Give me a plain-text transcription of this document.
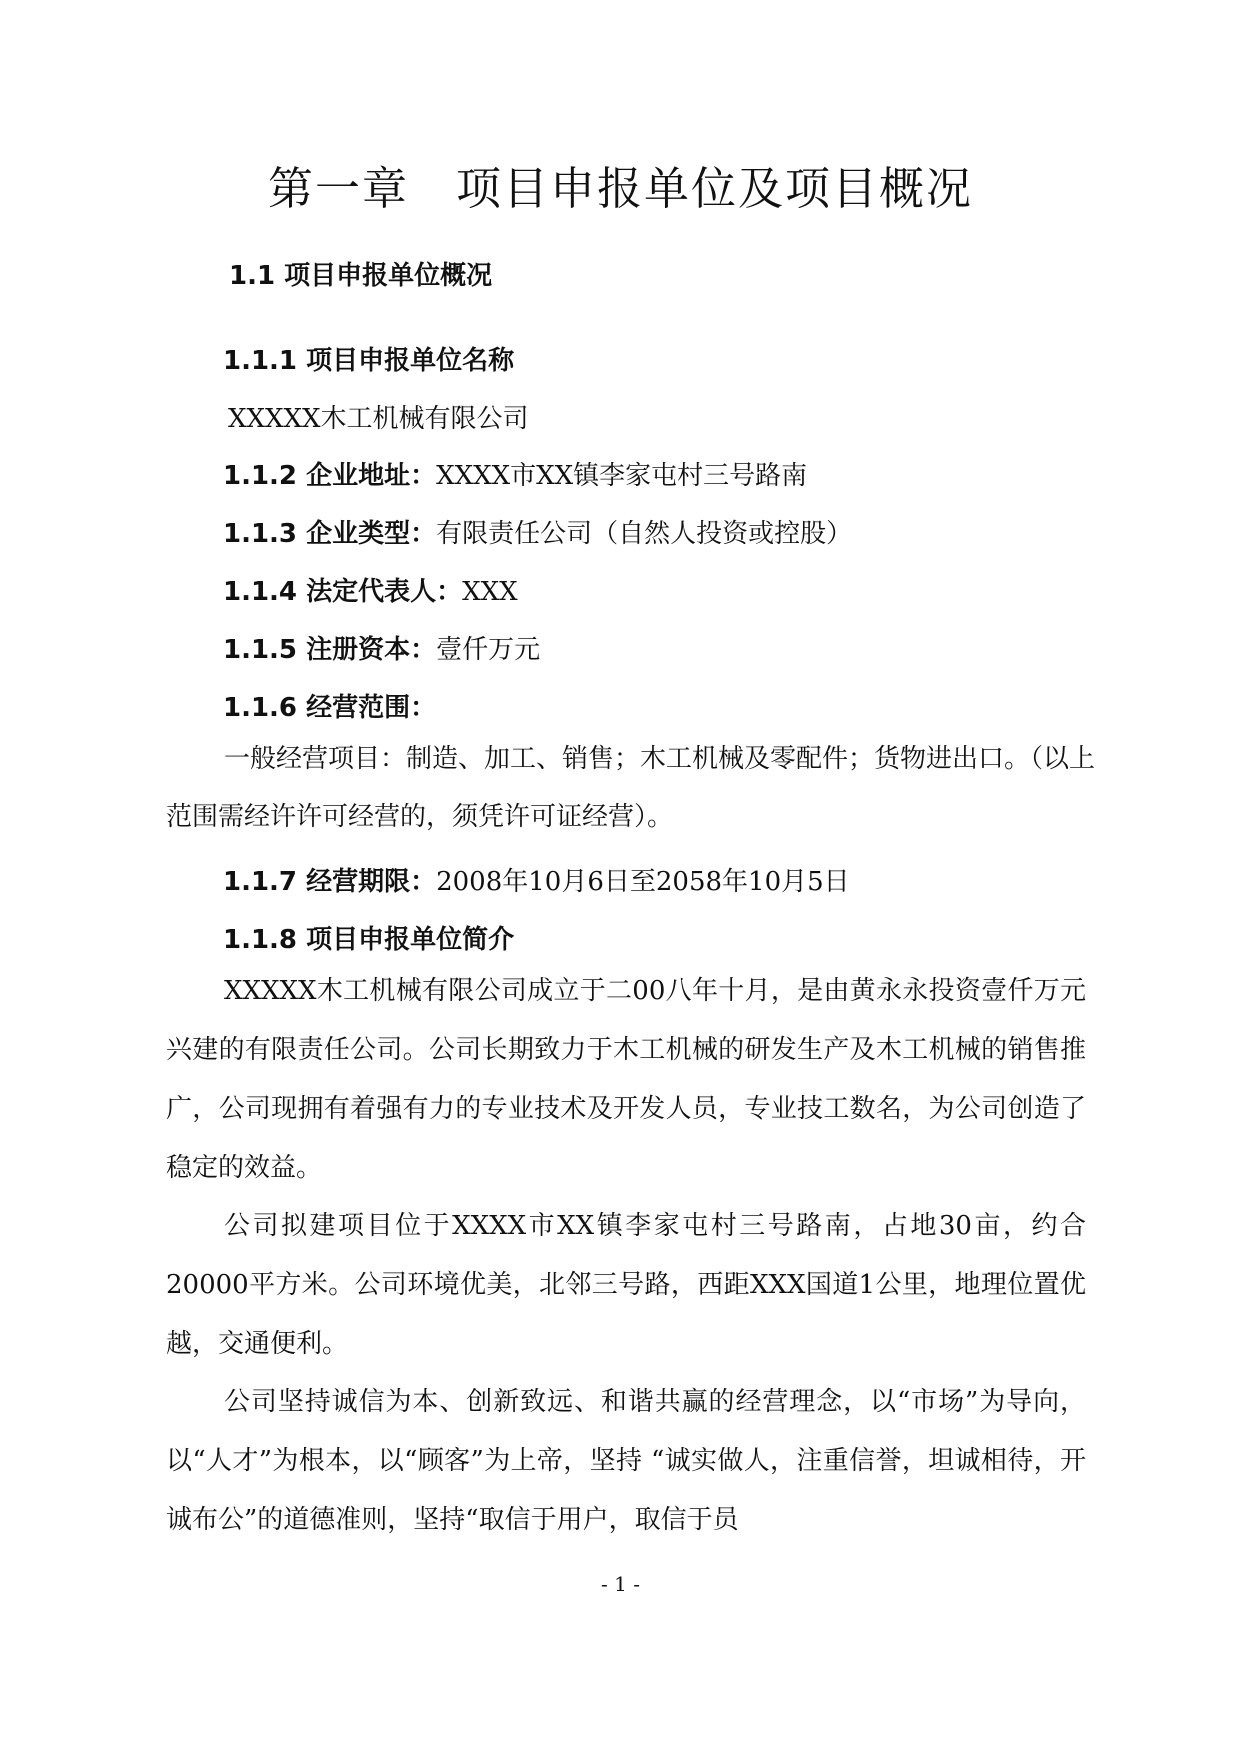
第一章　项目申报单位及项目概况
1.1 项目申报单位概况

1.1.1 项目申报单位名称

XXXXX木工机械有限公司

1.1.2 企业地址：XXXX市XX镇李家屯村三号路南

1.1.3 企业类型：有限责任公司（自然人投资或控股）

1.1.4 法定代表人：XXX

1.1.5 注册资本：壹仟万元

1.1.6 经营范围：

一般经营项目：制造、加工、销售；木工机械及零配件；货物进出口。（以上范围需经许许可经营的，须凭许可证经营）。

1.1.7 经营期限：2008年10月6日至2058年10月5日

1.1.8 项目申报单位简介

XXXXX木工机械有限公司成立于二00八年十月，是由黄永永投资壹仟万元兴建的有限责任公司。公司长期致力于木工机械的研发生产及木工机械的销售推广，公司现拥有着强有力的专业技术及开发人员，专业技工数名，为公司创造了稳定的效益。

公司拟建项目位于XXXX市XX镇李家屯村三号路南，占地30亩，约合20000平方米。公司环境优美，北邻三号路，西距XXX国道1公里，地理位置优越，交通便利。

公司坚持诚信为本、创新致远、和谐共赢的经营理念，以“市场”为导向，以“人才”为根本，以“顾客”为上帝，坚持 “诚实做人，注重信誉，坦诚相待，开诚布公”的道德准则，坚持“取信于用户，取信于员

- 1 -
